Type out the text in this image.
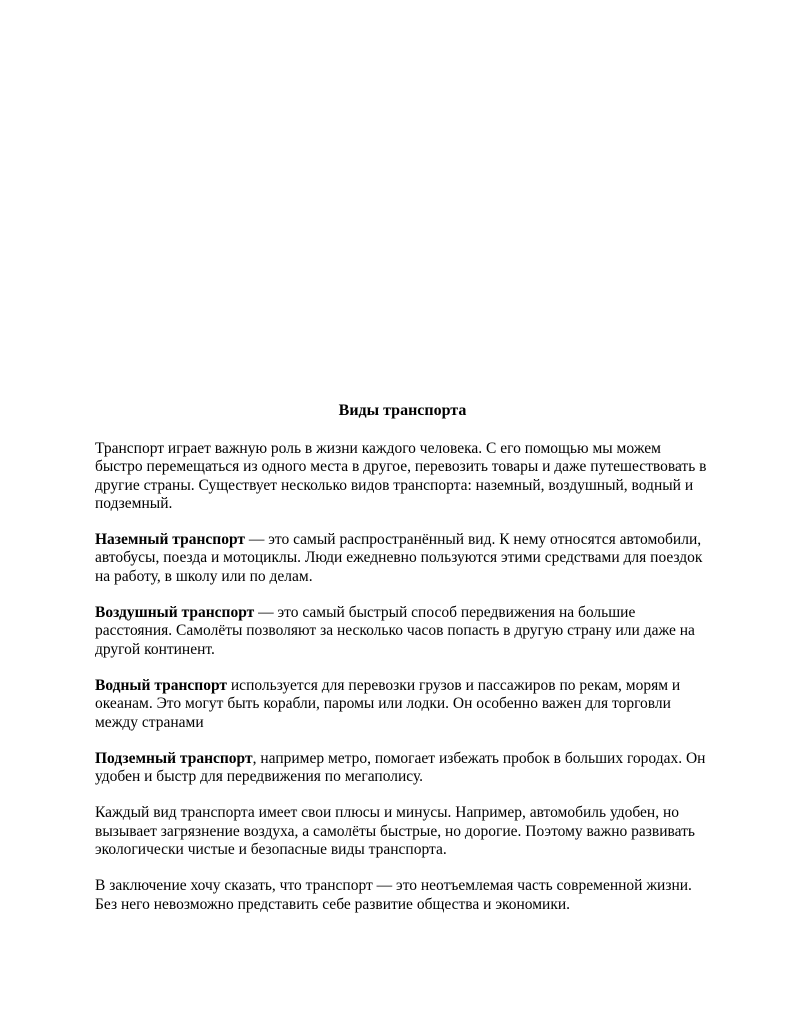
Виды транспорта

Транспорт играет важную роль в жизни каждого человека. С его помощью мы можем быстро перемещаться из одного места в другое, перевозить товары и даже путешествовать в другие страны. Существует несколько видов транспорта: наземный, воздушный, водный и подземный.

Наземный транспорт — это самый распространённый вид. К нему относятся автомобили, автобусы, поезда и мотоциклы. Люди ежедневно пользуются этими средствами для поездок на работу, в школу или по делам.

Воздушный транспорт — это самый быстрый способ передвижения на большие расстояния. Самолёты позволяют за несколько часов попасть в другую страну или даже на другой континент.

Водный транспорт используется для перевозки грузов и пассажиров по рекам, морям и океанам. Это могут быть корабли, паромы или лодки. Он особенно важен для торговли между странами

Подземный транспорт, например метро, помогает избежать пробок в больших городах. Он удобен и быстр для передвижения по мегаполису.

Каждый вид транспорта имеет свои плюсы и минусы. Например, автомобиль удобен, но вызывает загрязнение воздуха, а самолёты быстрые, но дорогие. Поэтому важно развивать экологически чистые и безопасные виды транспорта.

В заключение хочу сказать, что транспорт — это неотъемлемая часть современной жизни. Без него невозможно представить себе развитие общества и экономики.
